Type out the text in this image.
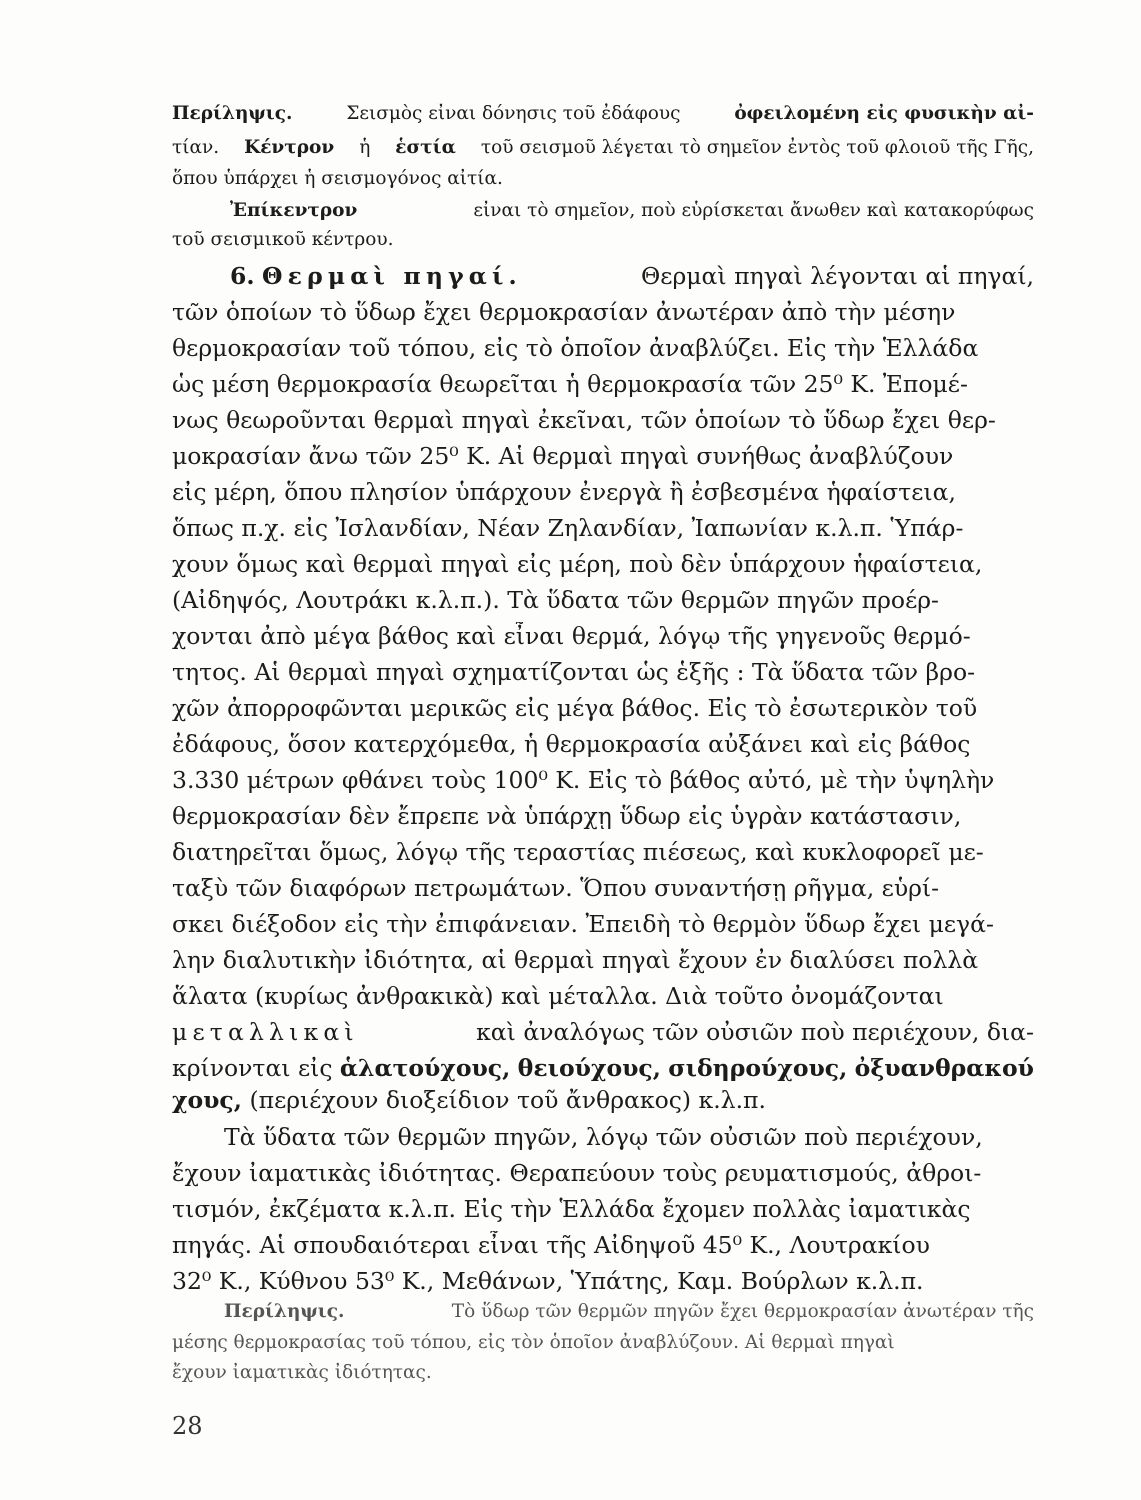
Περίληψις.	Σεισμὸς εἶναι δόνησις τοῦ ἐδάφους	ὀφειλομένη εἰς φυσικὴν αἰ-
τίαν. Κέντρον ἡ ἑστία τοῦ σεισμοῦ λέγεται τὸ σημεῖον ἐντὸς τοῦ φλοιοῦ τῆς Γῆς,
ὅπου ὑπάρχει ἡ σεισμογόνος αἰτία.
Ἐπίκεντρον	εἶναι τὸ σημεῖον, ποὺ εὑρίσκεται ἄνωθεν καὶ κατακορύφως
τοῦ σεισμικοῦ κέντρου.
6. Θερμαὶ πηγαί.	Θερμαὶ πηγαὶ λέγονται αἱ πηγαί,
τῶν ὁποίων τὸ ὕδωρ ἔχει θερμοκρασίαν ἀνωτέραν ἀπὸ τὴν μέσην
θερμοκρασίαν τοῦ τόπου, εἰς τὸ ὁποῖον ἀναβλύζει. Εἰς τὴν Ἑλλάδα
ὡς μέση θερμοκρασία θεωρεῖται ἡ θερμοκρασία τῶν 25⁰ Κ. Ἐπομέ-
νως θεωροῦνται θερμαὶ πηγαὶ ἐκεῖναι, τῶν ὁποίων τὸ ὕδωρ ἔχει θερ-
μοκρασίαν ἄνω τῶν 25⁰ Κ. Αἱ θερμαὶ πηγαὶ συνήθως ἀναβλύζουν
εἰς μέρη, ὅπου πλησίον ὑπάρχουν ἐνεργὰ ἢ ἐσβεσμένα ἡφαίστεια,
ὅπως π.χ. εἰς Ἰσλανδίαν, Νέαν Ζηλανδίαν, Ἰαπωνίαν κ.λ.π. Ὑπάρ-
χουν ὅμως καὶ θερμαὶ πηγαὶ εἰς μέρη, ποὺ δὲν ὑπάρχουν ἡφαίστεια,
(Αἰδηψός, Λουτράκι κ.λ.π.). Τὰ ὕδατα τῶν θερμῶν πηγῶν προέρ-
χονται ἀπὸ μέγα βάθος καὶ εἶναι θερμά, λόγῳ τῆς γηγενοῦς θερμό-
τητος. Αἱ θερμαὶ πηγαὶ σχηματίζονται ὡς ἑξῆς : Τὰ ὕδατα τῶν βρο-
χῶν ἀπορροφῶνται μερικῶς εἰς μέγα βάθος. Εἰς τὸ ἐσωτερικὸν τοῦ
ἐδάφους, ὅσον κατερχόμεθα, ἡ θερμοκρασία αὐξάνει καὶ εἰς βάθος
3.330 μέτρων φθάνει τοὺς 100⁰ Κ. Εἰς τὸ βάθος αὐτό, μὲ τὴν ὑψηλὴν
θερμοκρασίαν δὲν ἔπρεπε νὰ ὑπάρχῃ ὕδωρ εἰς ὑγρὰν κατάστασιν,
διατηρεῖται ὅμως, λόγῳ τῆς τεραστίας πιέσεως, καὶ κυκλοφορεῖ με-
ταξὺ τῶν διαφόρων πετρωμάτων. Ὅπου συναντήσῃ ρῆγμα, εὑρί-
σκει διέξοδον εἰς τὴν ἐπιφάνειαν. Ἐπειδὴ τὸ θερμὸν ὕδωρ ἔχει μεγά-
λην διαλυτικὴν ἰδιότητα, αἱ θερμαὶ πηγαὶ ἔχουν ἐν διαλύσει πολλὰ
ἅλατα (κυρίως ἀνθρακικὰ) καὶ μέταλλα. Διὰ τοῦτο ὀνομάζονται
μεταλλικαὶ	καὶ ἀναλόγως τῶν οὐσιῶν ποὺ περιέχουν, δια-
κρίνονται εἰς ἁλατούχους, θειούχους, σιδηρούχους, ὀξυανθρακού
χους, (περιέχουν διοξείδιον τοῦ ἄνθρακος) κ.λ.π.
Τὰ ὕδατα τῶν θερμῶν πηγῶν, λόγῳ τῶν οὐσιῶν ποὺ περιέχουν,
ἔχουν ἰαματικὰς ἰδιότητας. Θεραπεύουν τοὺς ρευματισμούς, ἀθροι-
τισμόν, ἐκζέματα κ.λ.π. Εἰς τὴν Ἑλλάδα ἔχομεν πολλὰς ἰαματικὰς
πηγάς. Αἱ σπουδαιότεραι εἶναι τῆς Αἰδηψοῦ 45⁰ Κ., Λουτρακίου
32⁰ Κ., Κύθνου 53⁰ Κ., Μεθάνων, Ὑπάτης, Καμ. Βούρλων κ.λ.π.
Περίληψις.	Τὸ ὕδωρ τῶν θερμῶν πηγῶν ἔχει θερμοκρασίαν ἀνωτέραν τῆς
μέσης θερμοκρασίας τοῦ τόπου, εἰς τὸν ὁποῖον ἀναβλύζουν. Αἱ θερμαὶ πηγαὶ
ἔχουν ἰαματικὰς ἰδιότητας.
28
